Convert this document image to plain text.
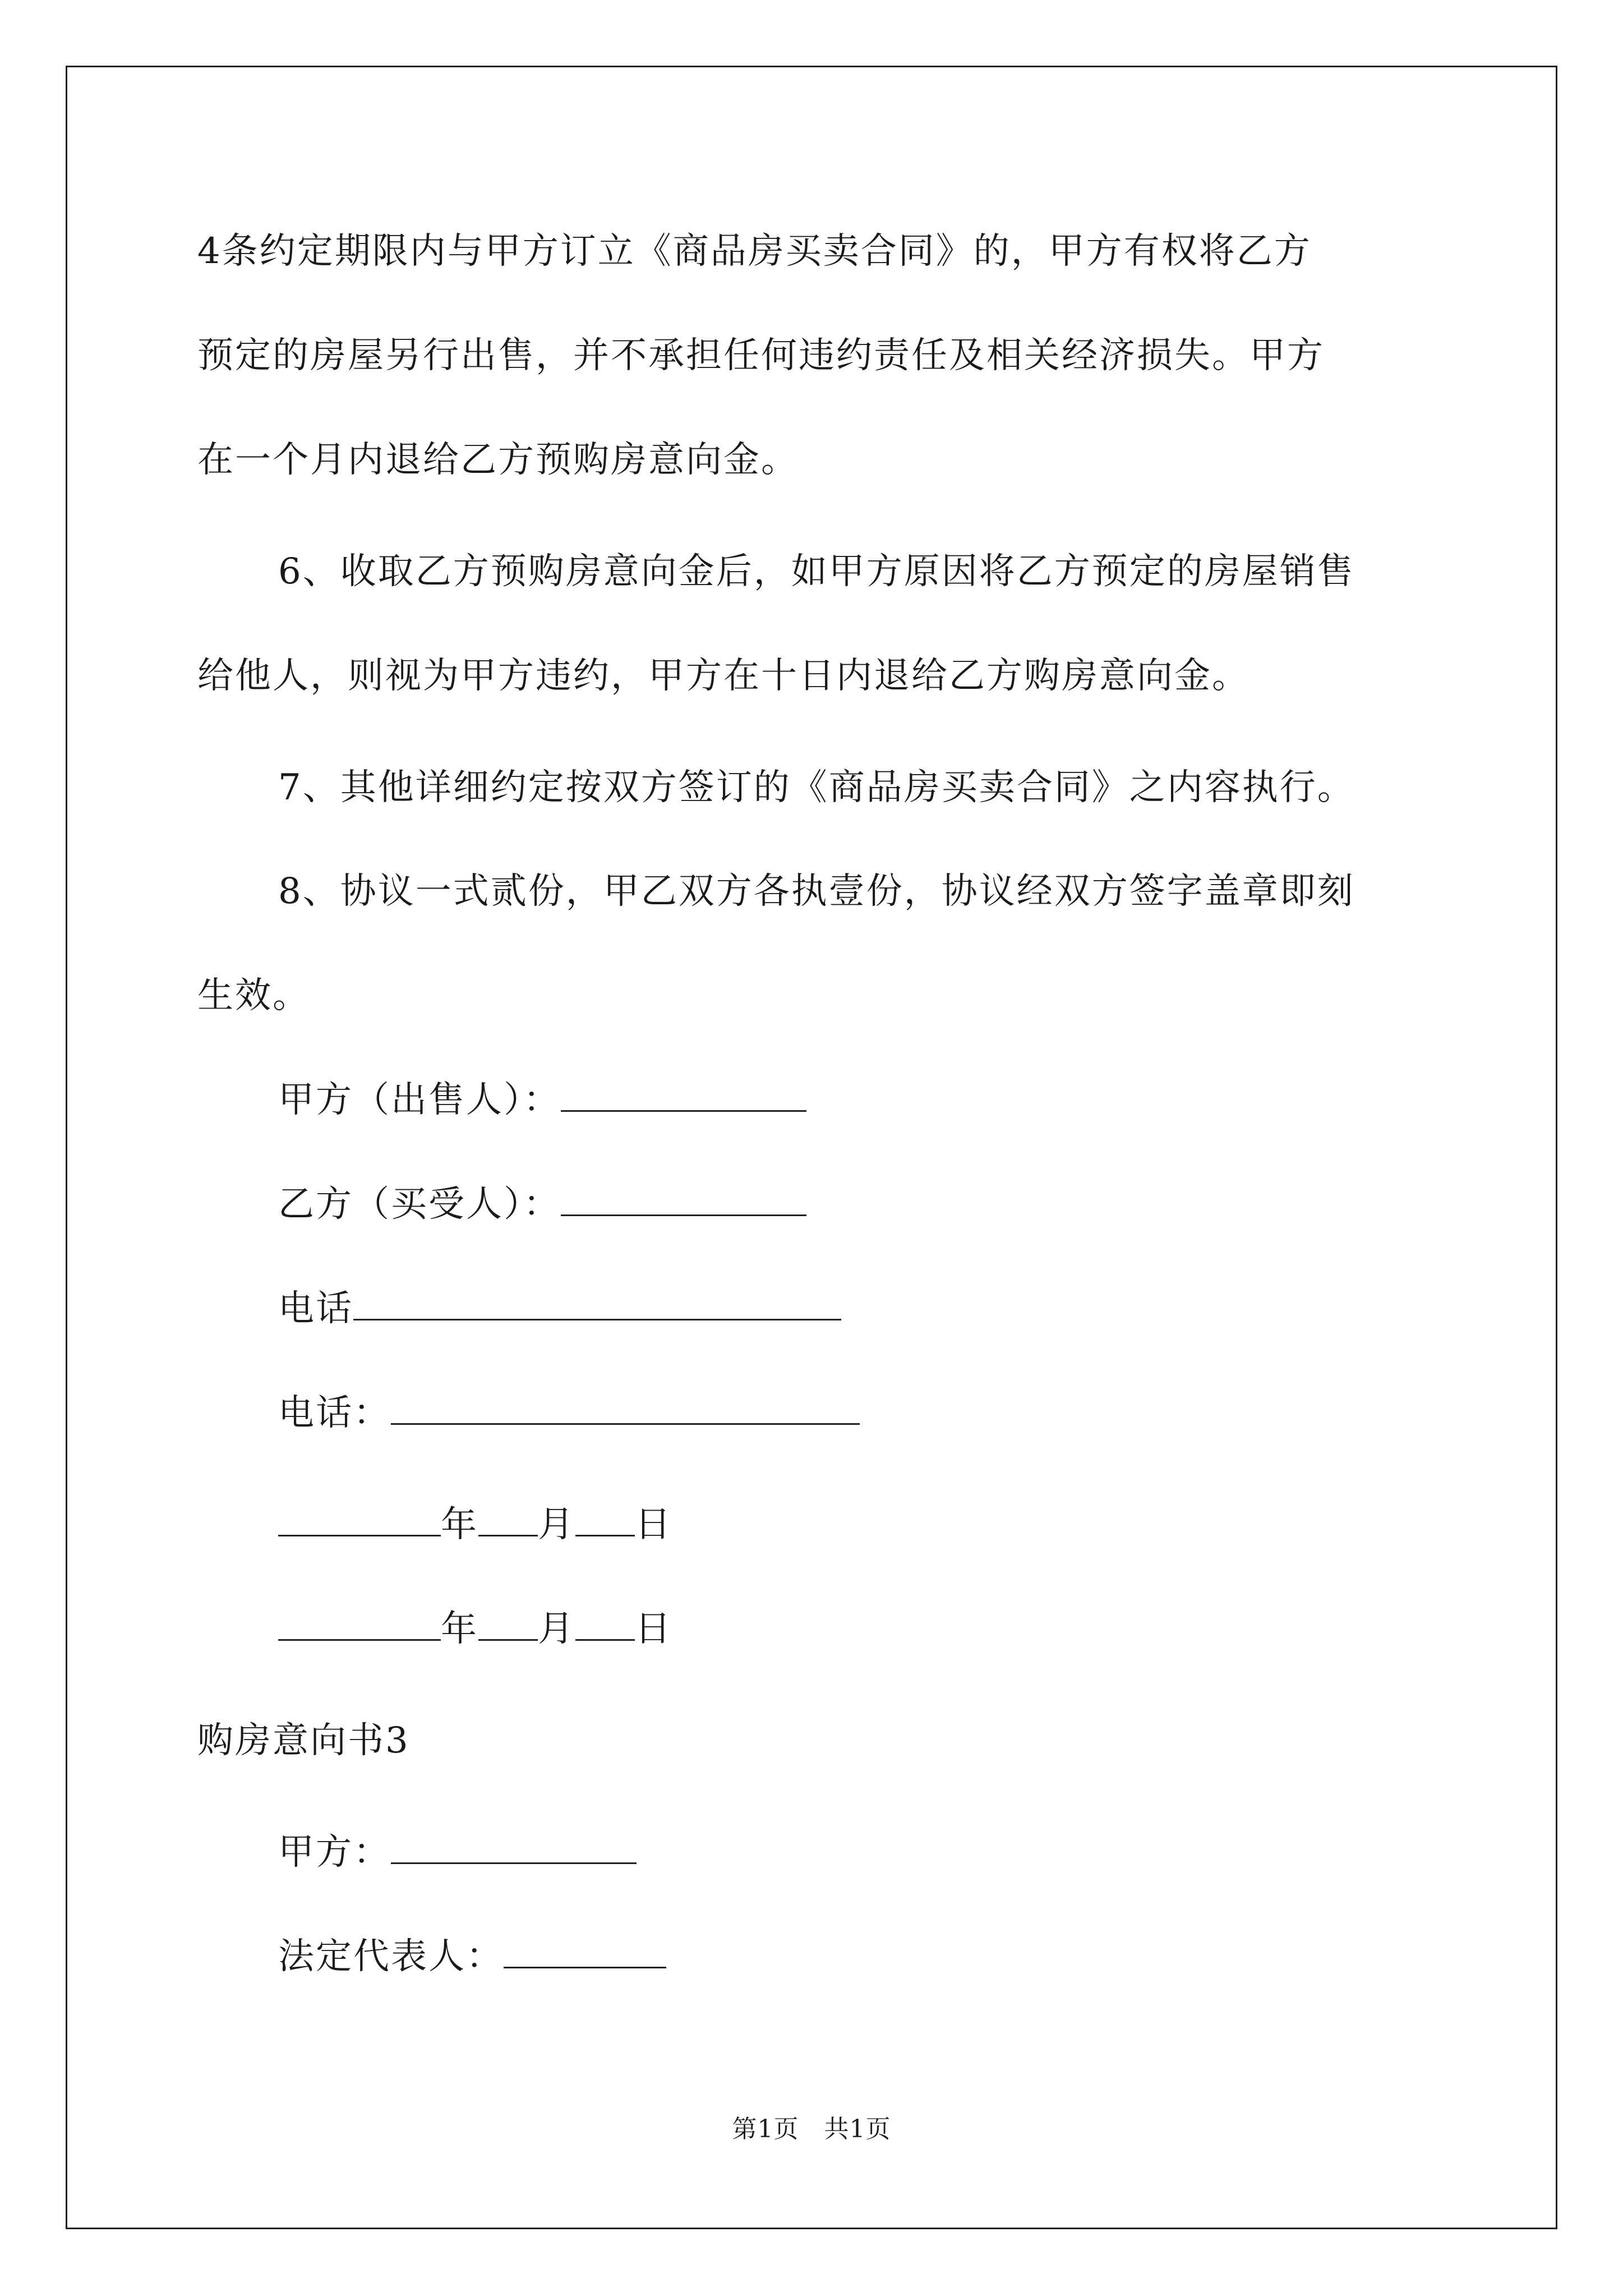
4条约定期限内与甲方订立《商品房买卖合同》的，甲方有权将乙方
预定的房屋另行出售，并不承担任何违约责任及相关经济损失。甲方
在一个月内退给乙方预购房意向金。
6、收取乙方预购房意向金后，如甲方原因将乙方预定的房屋销售
给他人，则视为甲方违约，甲方在十日内退给乙方购房意向金。
7、其他详细约定按双方签订的《商品房买卖合同》之内容执行。
8、协议一式贰份，甲乙双方各执壹份，协议经双方签字盖章即刻
生效。
甲方（出售人）：
乙方（买受人）：
电话
电话：
年 月 日
年 月 日
购房意向书3
甲方：
法定代表人：
第1页 共1页
